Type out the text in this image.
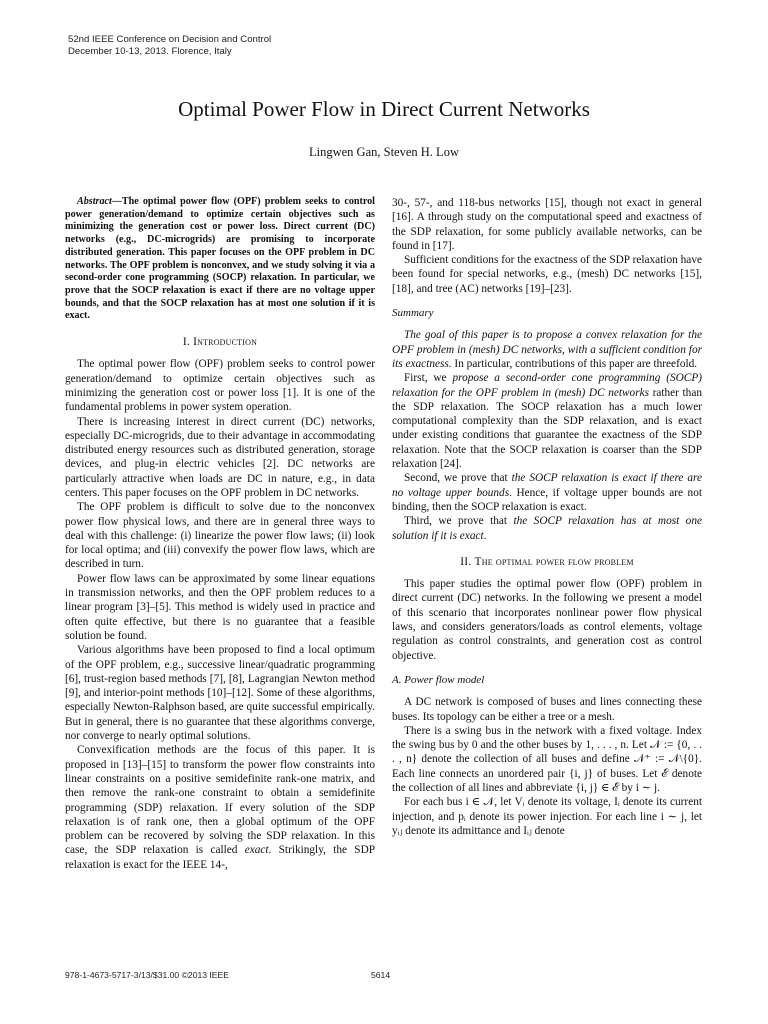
52nd IEEE Conference on Decision and Control
December 10-13, 2013. Florence, Italy
Optimal Power Flow in Direct Current Networks
Lingwen Gan, Steven H. Low

Abstract—The optimal power flow (OPF) problem seeks to control power generation/demand to optimize certain objectives such as minimizing the generation cost or power loss. Direct current (DC) networks (e.g., DC-microgrids) are promising to incorporate distributed generation. This paper focuses on the OPF problem in DC networks. The OPF problem is nonconvex, and we study solving it via a second-order cone programming (SOCP) relaxation. In particular, we prove that the SOCP relaxation is exact if there are no voltage upper bounds, and that the SOCP relaxation has at most one solution if it is exact.

I. Introduction

The optimal power flow (OPF) problem seeks to control power generation/demand to optimize certain objectives such as minimizing the generation cost or power loss [1]. It is one of the fundamental problems in power system operation.

There is increasing interest in direct current (DC) networks, especially DC-microgrids, due to their advantage in accommodating distributed energy resources such as distributed generation, storage devices, and plug-in electric vehicles [2]. DC networks are particularly attractive when loads are DC in nature, e.g., in data centers. This paper focuses on the OPF problem in DC networks.

The OPF problem is difficult to solve due to the nonconvex power flow physical lows, and there are in general three ways to deal with this challenge: (i) linearize the power flow laws; (ii) look for local optima; and (iii) convexify the power flow laws, which are described in turn.

Power flow laws can be approximated by some linear equations in transmission networks, and then the OPF problem reduces to a linear program [3]–[5]. This method is widely used in practice and often quite effective, but there is no guarantee that a feasible solution be found.

Various algorithms have been proposed to find a local optimum of the OPF problem, e.g., successive linear/quadratic programming [6], trust-region based methods [7], [8], Lagrangian Newton method [9], and interior-point methods [10]–[12]. Some of these algorithms, especially Newton-Ralphson based, are quite successful empirically. But in general, there is no guarantee that these algorithms converge, nor converge to nearly optimal solutions.

Convexification methods are the focus of this paper. It is proposed in [13]–[15] to transform the power flow constraints into linear constraints on a positive semidefinite rank-one matrix, and then remove the rank-one constraint to obtain a semidefinite programming (SDP) relaxation. If every solution of the SDP relaxation is of rank one, then a global optimum of the OPF problem can be recovered by solving the SDP relaxation. In this case, the SDP relaxation is called exact. Strikingly, the SDP relaxation is exact for the IEEE 14-,

30-, 57-, and 118-bus networks [15], though not exact in general [16]. A through study on the computational speed and exactness of the SDP relaxation, for some publicly available networks, can be found in [17].

Sufficient conditions for the exactness of the SDP relaxation have been found for special networks, e.g., (mesh) DC networks [15], [18], and tree (AC) networks [19]–[23].

Summary

The goal of this paper is to propose a convex relaxation for the OPF problem in (mesh) DC networks, with a sufficient condition for its exactness. In particular, contributions of this paper are threefold.

First, we propose a second-order cone programming (SOCP) relaxation for the OPF problem in (mesh) DC networks rather than the SDP relaxation. The SOCP relaxation has a much lower computational complexity than the SDP relaxation, and is exact under existing conditions that guarantee the exactness of the SDP relaxation. Note that the SOCP relaxation is coarser than the SDP relaxation [24].

Second, we prove that the SOCP relaxation is exact if there are no voltage upper bounds. Hence, if voltage upper bounds are not binding, then the SOCP relaxation is exact.

Third, we prove that the SOCP relaxation has at most one solution if it is exact.

II. The optimal power flow problem

This paper studies the optimal power flow (OPF) problem in direct current (DC) networks. In the following we present a model of this scenario that incorporates nonlinear power flow physical laws, and considers generators/loads as control elements, voltage regulation as control constraints, and generation cost as control objective.

A. Power flow model

A DC network is composed of buses and lines connecting these buses. Its topology can be either a tree or a mesh.

There is a swing bus in the network with a fixed voltage. Index the swing bus by 0 and the other buses by 1, . . . , n. Let 𝒩 := {0, . . . , n} denote the collection of all buses and define 𝒩⁺ := 𝒩\{0}. Each line connects an unordered pair {i, j} of buses. Let ℰ denote the collection of all lines and abbreviate {i, j} ∈ ℰ by i ∼ j.

For each bus i ∈ 𝒩, let Vᵢ denote its voltage, Iᵢ denote its current injection, and pᵢ denote its power injection. For each line i ∼ j, let yᵢⱼ denote its admittance and Iᵢⱼ denote

978-1-4673-5717-3/13/$31.00 ©2013 IEEE	5614
